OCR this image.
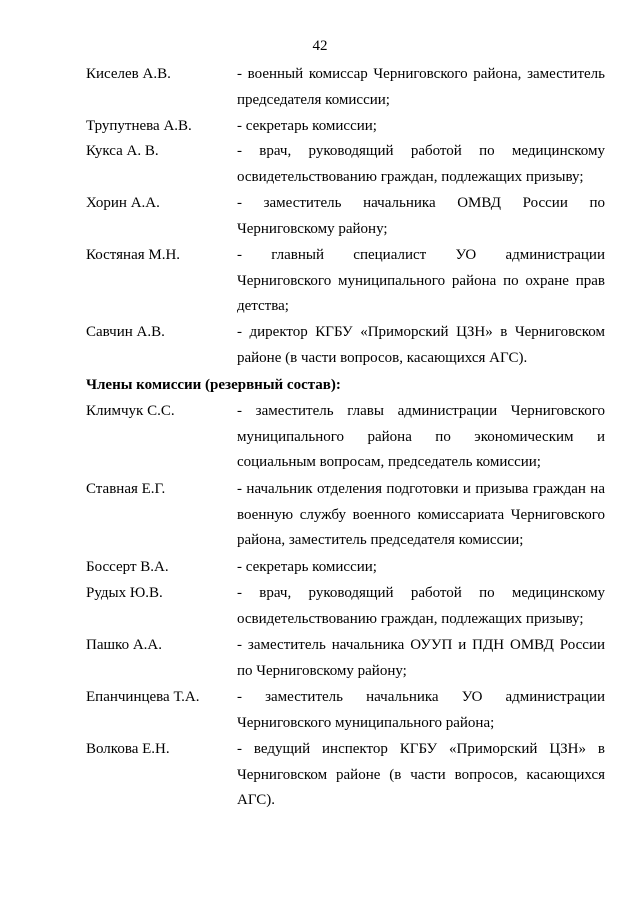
42
Киселев А.В.	- военный комиссар Черниговского района, заместитель
председателя комиссии;
Трупутнева А.В.	- секретарь комиссии;
Кукса А. В.	- врач, руководящий работой по медицинскому
освидетельствованию граждан, подлежащих призыву;
Хорин А.А.	- заместитель начальника ОМВД России по
Черниговскому району;
Костяная М.Н.	- главный специалист УО администрации
Черниговского муниципального района по охране прав
детства;
Савчин А.В.	- директор КГБУ «Приморский ЦЗН» в Черниговском
районе (в части вопросов, касающихся АГС).
Члены комиссии (резервный состав):
Климчук С.С.	- заместитель главы администрации Черниговского
муниципального района по экономическим и
социальным вопросам, председатель комиссии;
Ставная Е.Г.	- начальник отделения подготовки и призыва граждан на
военную службу военного комиссариата Черниговского
района, заместитель председателя комиссии;
Боссерт В.А.	- секретарь комиссии;
Рудых Ю.В.	- врач, руководящий работой по медицинскому
освидетельствованию граждан, подлежащих призыву;
Пашко А.А.	- заместитель начальника ОУУП и ПДН ОМВД России
по Черниговскому району;
Епанчинцева Т.А.	- заместитель начальника УО администрации
Черниговского муниципального района;
Волкова Е.Н.	- ведущий инспектор КГБУ «Приморский ЦЗН» в
Черниговском районе (в части вопросов, касающихся
АГС).
